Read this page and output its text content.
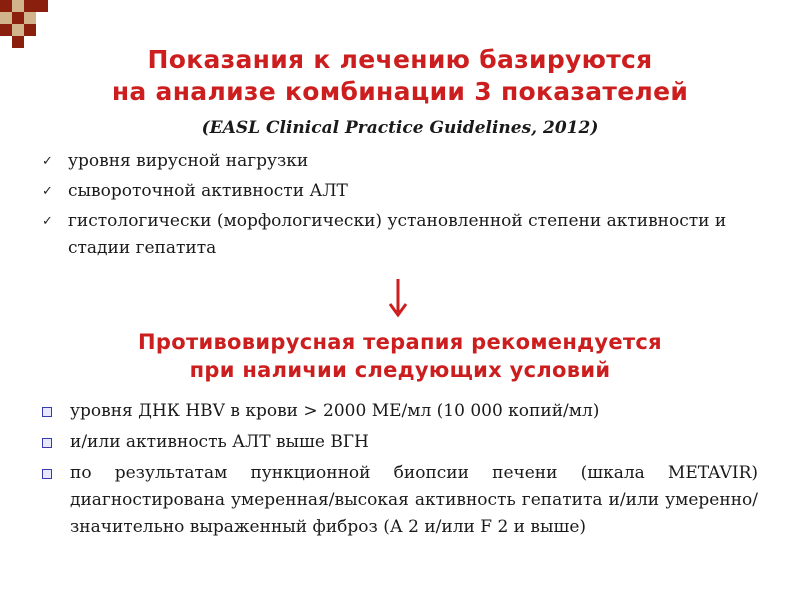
Показания к лечению базируются
на анализе комбинации 3 показателей
(EASL Clinical Practice Guidelines, 2012)
✓ уровня вирусной нагрузки
✓ сывороточной активности АЛТ
✓ гистологически (морфологически) установленной степени активности и стадии гепатита
Противовирусная терапия рекомендуется
при наличии следующих условий
уровня ДНК HBV в крови > 2000 МЕ/мл (10 000 копий/мл)
и/или активность АЛТ выше ВГН
по результатам пункционной биопсии печени (шкала METAVIR) диагностирована умеренная/высокая активность гепатита и/или умеренно/значительно выраженный фиброз (А 2 и/или F 2 и выше)
